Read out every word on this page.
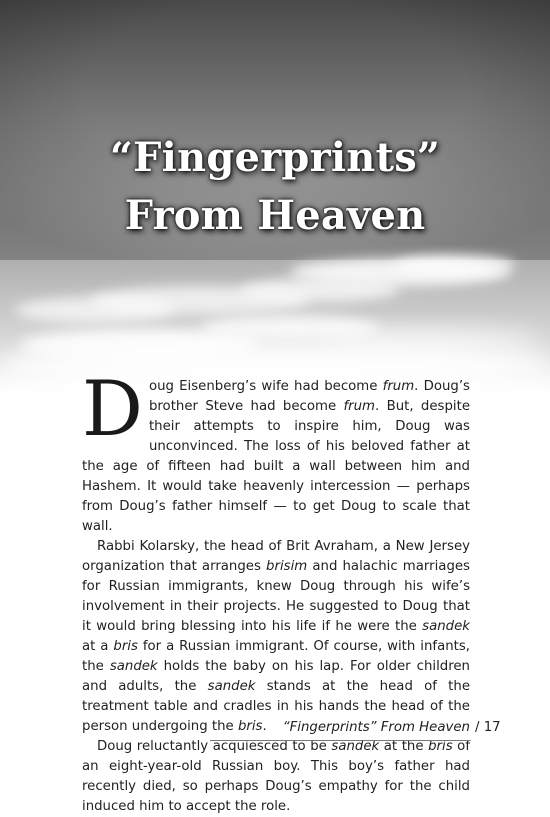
“Fingerprints”
From Heaven

Doug Eisenberg’s wife had become frum. Doug’s brother Steve had become frum. But, despite their attempts to inspire him, Doug was unconvinced. The loss of his beloved father at the age of fifteen had built a wall between him and Hashem. It would take heavenly intercession — perhaps from Doug’s father himself — to get Doug to scale that wall.

Rabbi Kolarsky, the head of Brit Avraham, a New Jersey organization that arranges brisim and halachic marriages for Russian immigrants, knew Doug through his wife’s involvement in their projects. He suggested to Doug that it would bring blessing into his life if he were the sandek at a bris for a Russian immigrant. Of course, with infants, the sandek holds the baby on his lap. For older children and adults, the sandek stands at the head of the treatment table and cradles in his hands the head of the person undergoing the bris.

Doug reluctantly acquiesced to be sandek at the bris of an eight-year-old Russian boy. This boy’s father had recently died, so perhaps Doug’s empathy for the child induced him to accept the role.

“Fingerprints” From Heaven / 17
